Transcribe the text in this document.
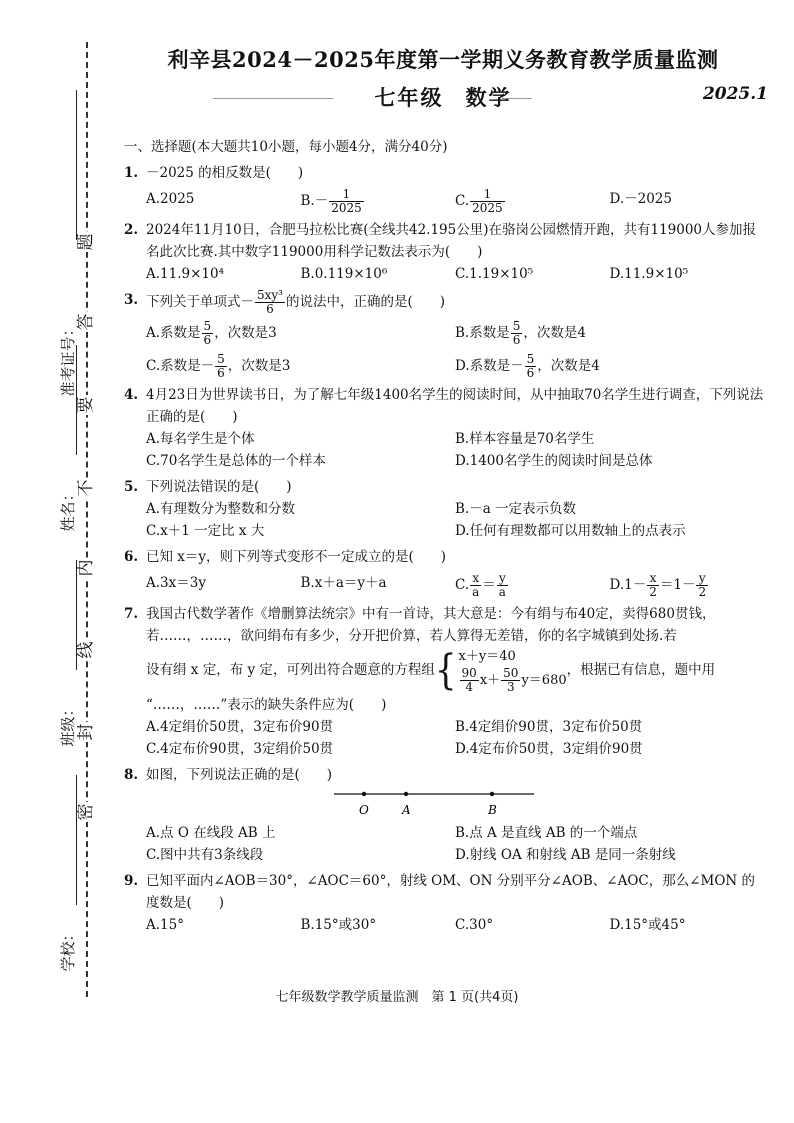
题
答
要
不
内
线
封
密
准考证号：
姓名：
班级：
学校：
利辛县2024－2025年度第一学期义务教育教学质量监测
七年级 数学	2025.1
一、选择题(本大题共10小题，每小题4分，满分40分)
1. －2025 的相反数是(　　)
A.2025	$B.- \frac{1}{2025}$	C. $\frac{1}{2025}$	D.－2025
2. 2024年11月10日，合肥马拉松比赛(全线共42.195公里)在骆岗公园燃情开跑，共有119000人参加报名此次比赛.其中数字119000用科学记数法表示为(　　)
A.11.9×10⁴	B.0.119×10⁶	C.1.19×10⁵	D.11.9×10⁵
3. 下列关于单项式－ $\frac{\text{5xy³}}{6}$ 的说法中，正确的是(　　)
A.系数是 $\frac{5}{6}$ ，次数是3	B.系数是 $\frac{5}{6}$ ，次数是4
C.系数是－ $\frac{5}{6}$ ，次数是3	D.系数是－ $\frac{5}{6}$ ，次数是4
4. 4月23日为世界读书日，为了解七年级1400名学生的阅读时间，从中抽取70名学生进行调查，下列说法正确的是(　　)
A.每名学生是个体	B.样本容量是70名学生
C.70名学生是总体的一个样本	D.1400名学生的阅读时间是总体
5. 下列说法错误的是(　　)
A.有理数分为整数和分数	B.－a 一定表示负数
C.x＋1 一定比 x 大	D.任何有理数都可以用数轴上的点表示
6. 已知 x＝y，则下列等式变形不一定成立的是(　　)
A.3x＝3y	B.x＋a＝y＋a	C. $\frac{x}{a} = \frac{y}{a}$	$D.1- \frac{x}{2} =1- \frac{y}{2}$
7. 我国古代数学著作《增删算法统宗》中有一首诗，其大意是：今有绢与布40定，卖得680贯钱，若……，……，欲问绢布有多少，分开把价算，若人算得无差错，你的名字城镇到处扬.若
设有绢 x 定，布 y 定，可列出符合题意的方程组 { x＋y＝40
$\frac{90}{4} x+ \frac{50}{3} y=680$
，根据已有信息，题中用
“……，……”表示的缺失条件应为(　　)
A.4定绢价50贯，3定布价90贯	B.4定绢价90贯，3定布价50贯
C.4定布价90贯，3定绢价50贯	D.4定布价50贯，3定绢价90贯
8. 如图，下列说法正确的是(　　)
O	A	B
A.点 O 在线段 AB 上	B.点 A 是直线 AB 的一个端点
C.图中共有3条线段	D.射线 OA 和射线 AB 是同一条射线
9. 已知平面内∠AOB＝30°，∠AOC＝60°，射线 OM、ON 分别平分∠AOB、∠AOC，那么∠MON 的度数是(　　)
A.15°	B.15°或30°	C.30°	D.15°或45°
七年级数学教学质量监测　第 1 页(共4页)
